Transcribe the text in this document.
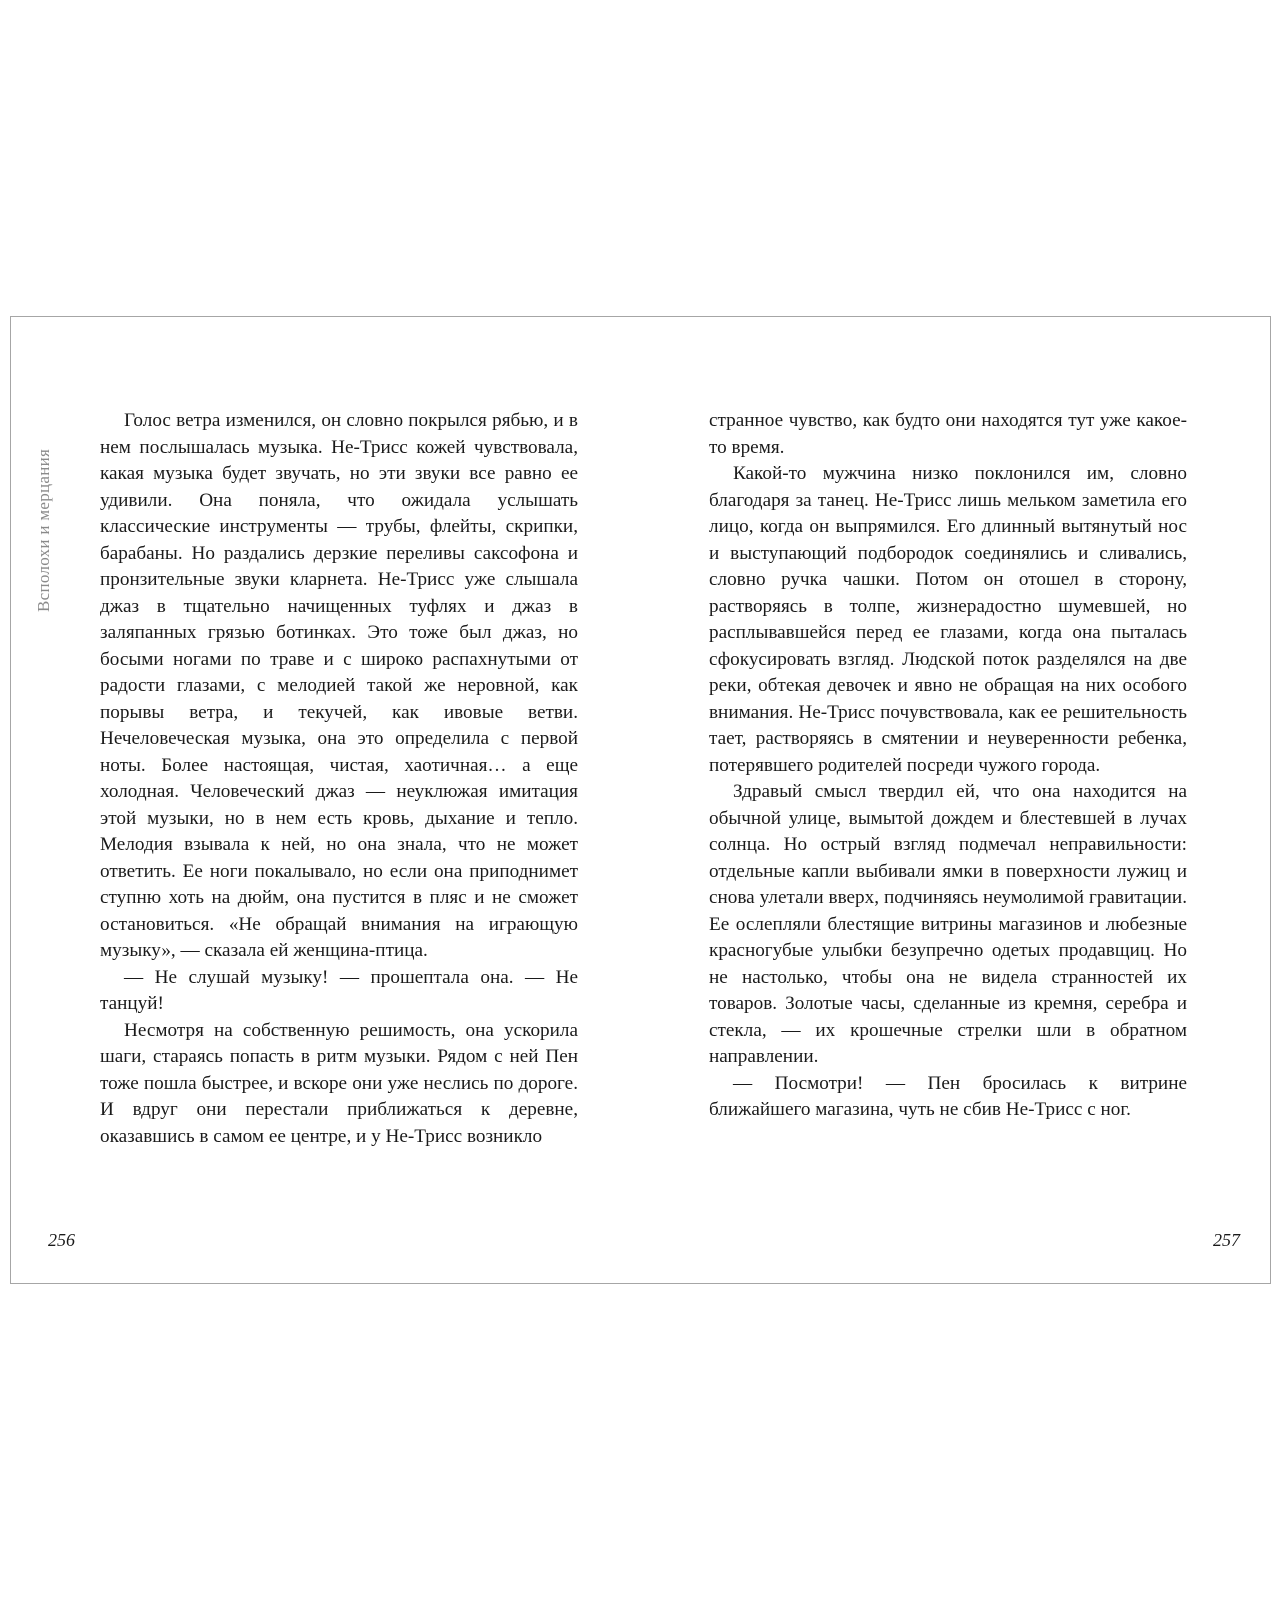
Всполохи и мерцания

Голос ветра изменился, он словно покрылся рябью, и в нем послышалась музыка. Не-Трисс кожей чувствовала, какая музыка будет звучать, но эти звуки все равно ее удивили. Она поняла, что ожидала услышать классические инструменты — трубы, флейты, скрипки, барабаны. Но раздались дерзкие переливы саксофона и пронзительные звуки кларнета. Не-Трисс уже слышала джаз в тщательно начищенных туфлях и джаз в заляпанных грязью ботинках. Это тоже был джаз, но босыми ногами по траве и с широко распахнутыми от радости глазами, с мелодией такой же неровной, как порывы ветра, и текучей, как ивовые ветви. Нечеловеческая музыка, она это определила с первой ноты. Более настоящая, чистая, хаотичная… а еще холодная. Человеческий джаз — неуклюжая имитация этой музыки, но в нем есть кровь, дыхание и тепло. Мелодия взывала к ней, но она знала, что не может ответить. Ее ноги покалывало, но если она приподнимет ступню хоть на дюйм, она пустится в пляс и не сможет остановиться. «Не обращай внимания на играющую музыку», — сказала ей женщина-птица.

— Не слушай музыку! — прошептала она. — Не танцуй!

Несмотря на собственную решимость, она ускорила шаги, стараясь попасть в ритм музыки. Рядом с ней Пен тоже пошла быстрее, и вскоре они уже неслись по дороге. И вдруг они перестали приближаться к деревне, оказавшись в самом ее центре, и у Не-Трисс возникло

странное чувство, как будто они находятся тут уже какое-то время.

Какой-то мужчина низко поклонился им, словно благодаря за танец. Не-Трисс лишь мельком заметила его лицо, когда он выпрямился. Его длинный вытянутый нос и выступающий подбородок соединялись и сливались, словно ручка чашки. Потом он отошел в сторону, растворяясь в толпе, жизнерадостно шумевшей, но расплывавшейся перед ее глазами, когда она пыталась сфокусировать взгляд. Людской поток разделялся на две реки, обтекая девочек и явно не обращая на них особого внимания. Не-Трисс почувствовала, как ее решительность тает, растворяясь в смятении и неуверенности ребенка, потерявшего родителей посреди чужого города.

Здравый смысл твердил ей, что она находится на обычной улице, вымытой дождем и блестевшей в лучах солнца. Но острый взгляд подмечал неправильности: отдельные капли выбивали ямки в поверхности лужиц и снова улетали вверх, подчиняясь неумолимой гравитации. Ее ослепляли блестящие витрины магазинов и любезные красногубые улыбки безупречно одетых продавщиц. Но не настолько, чтобы она не видела странностей их товаров. Золотые часы, сделанные из кремня, серебра и стекла, — их крошечные стрелки шли в обратном направлении.

— Посмотри! — Пен бросилась к витрине ближайшего магазина, чуть не сбив Не-Трисс с ног.

256	257
